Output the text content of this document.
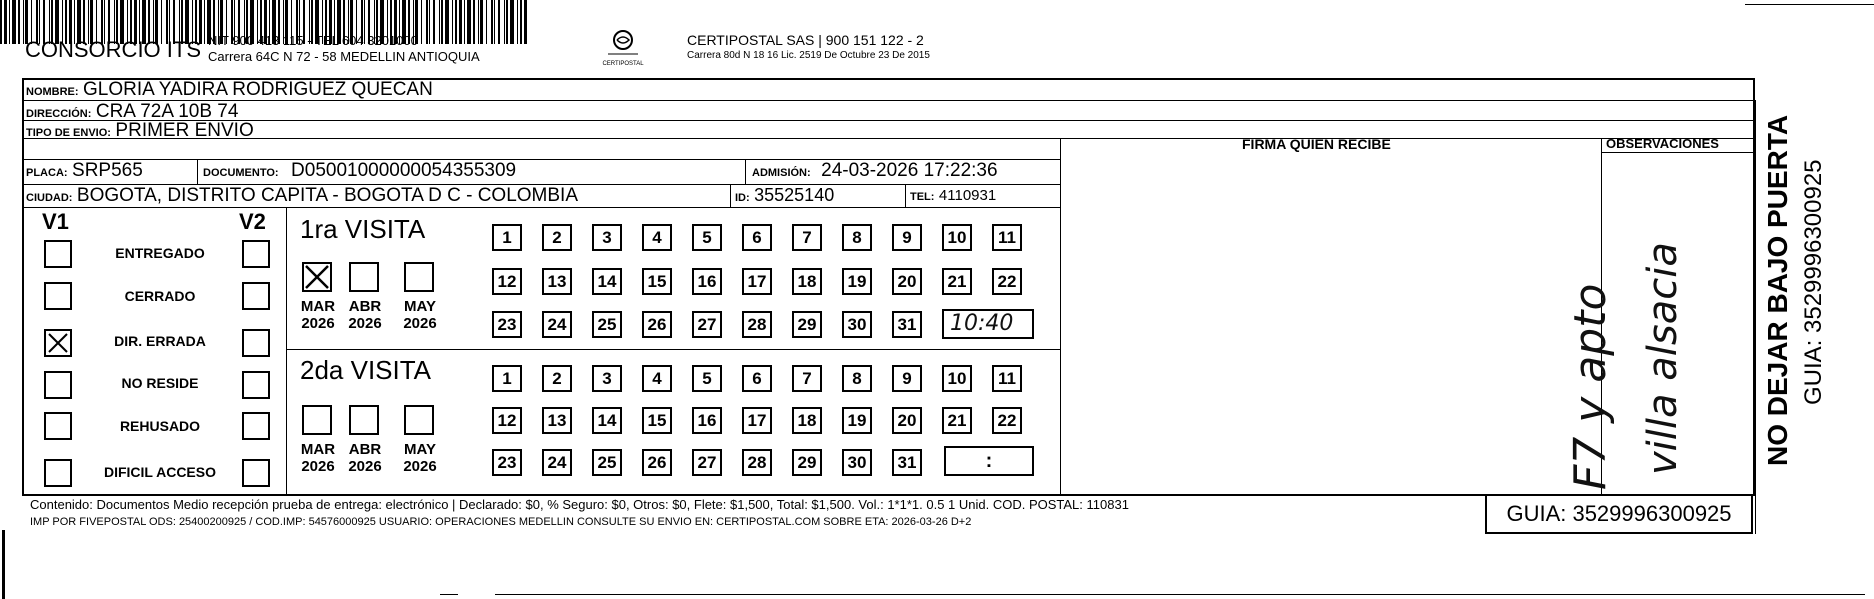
CONSORCIO ITS NIT 900 413 115 - TEL 604 3201000
Carrera 64C N 72 - 58 MEDELLIN ANTIOQUIA	CERTIPOSTAL
CERTIPOSTAL SAS | 900 151 122 - 2
Carrera 80d N 18 16 Lic. 2519 De Octubre 23 De 2015
NOMBRE: GLORIA YADIRA RODRIGUEZ QUECAN
DIRECCIÓN: CRA 72A 10B 74
TIPO DE ENVIO: PRIMER ENVIO
FIRMA QUIEN RECIBE	OBSERVACIONES
PLACA: SRP565	DOCUMENTO: D05001000000054355309	ADMISIÓN: 24-03-2026 17:22:36
CIUDAD: BOGOTA, DISTRITO CAPITA - BOGOTA D C - COLOMBIA	ID: 35525140	TEL: 4110931
V1	V2
ENTREGADO
CERRADO
DIR. ERRADA
NO RESIDE
REHUSADO
DIFICIL ACCESO
1ra VISITA
2da VISITA
MAR
2026
ABR
2026
MAY
2026
MAR
2026
ABR
2026
MAY
2026
1	2	3	4	5	6	7	8	9	10	11
12	13	14	15	16	17	18	19	20	21	22
23	24	25	26	27	28	29	30	31
1	2	3	4	5	6	7	8	9	10	11
12	13	14	15	16	17	18	19	20	21	22
23	24	25	26	27	28	29	30	31
10:40
:	F7 y apto villa alsacia	NO DEJAR BAJO PUERTA GUIA: 3529996300925
Contenido: Documentos Medio recepción prueba de entrega: electrónico | Declarado: $0, % Seguro: $0, Otros: $0, Flete: $1,500, Total: $1,500. Vol.: 1*1*1. 0.5 1 Unid. COD. POSTAL: 110831
IMP POR FIVEPOSTAL ODS: 25400200925 / COD.IMP: 54576000925 USUARIO: OPERACIONES MEDELLIN CONSULTE SU ENVIO EN: CERTIPOSTAL.COM SOBRE ETA: 2026-03-26 D+2	GUIA: 3529996300925
